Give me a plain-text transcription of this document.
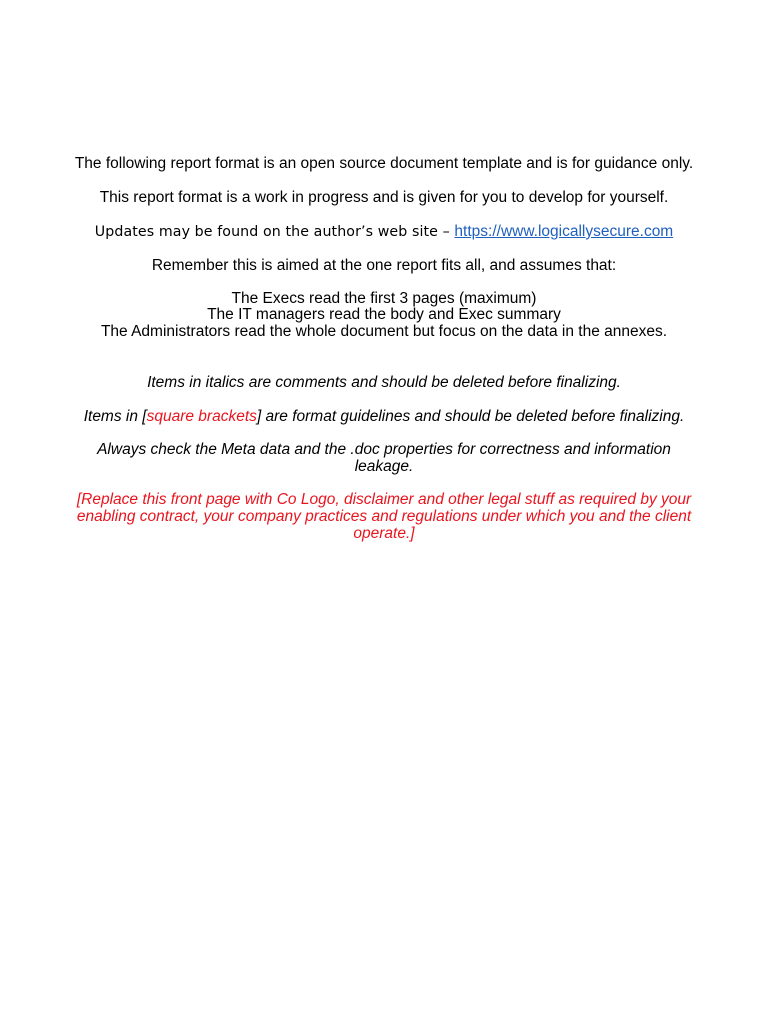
The following report format is an open source document template and is for guidance only.
This report format is a work in progress and is given for you to develop for yourself.
Updates may be found on the author’s web site – https://www.logicallysecure.com
Remember this is aimed at the one report fits all, and assumes that:
The Execs read the first 3 pages (maximum)
The IT managers read the body and Exec summary
The Administrators read the whole document but focus on the data in the annexes.
Items in italics are comments and should be deleted before finalizing.
Items in [square brackets] are format guidelines and should be deleted before finalizing.
Always check the Meta data and the .doc properties for correctness and information
leakage.
[Replace this front page with Co Logo, disclaimer and other legal stuff as required by your
enabling contract, your company practices and regulations under which you and the client
operate.]
